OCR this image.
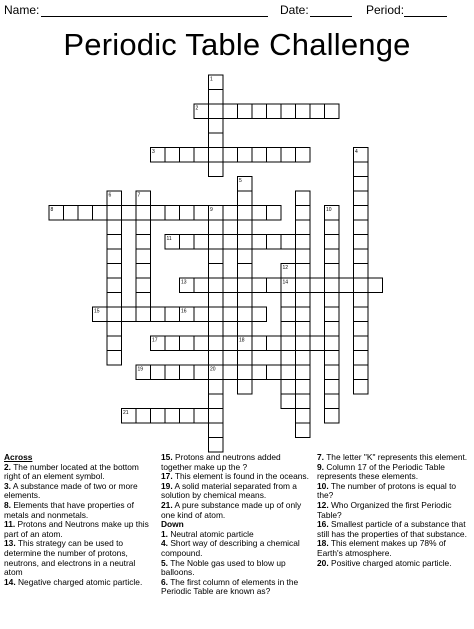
Name:	Date:	Period:
Periodic Table Challenge
1
2
3	4
5
6	7
8	9	10
11
12
13	14
15	16
17	18
19	20
21
Across
2. The number located at the bottom right of an element symbol.
3. A substance made of two or more elements.
8. Elements that have properties of metals and nonmetals.
11. Protons and Neutrons make up this part of an atom.
13. This strategy can be used to determine the number of protons, neutrons, and electrons in a neutral atom
14. Negative charged atomic particle.
15. Protons and neutrons added together make up the ?
17. This element is found in the oceans.
19. A solid material separated from a solution by chemical means.
21. A pure substance made up of only one kind of atom.
Down
1. Neutral atomic particle
4. Short way of describing a chemical compound.
5. The Noble gas used to blow up balloons.
6. The first column of elements in the Periodic Table are known as?
7. The letter "K" represents this element.
9. Column 17 of the Periodic Table represents these elements.
10. The number of protons is equal to the?
12. Who Organized the first Periodic Table?
16. Smallest particle of a substance that still has the properties of that substance.
18. This element makes up 78% of Earth's atmosphere.
20. Positive charged atomic particle.
